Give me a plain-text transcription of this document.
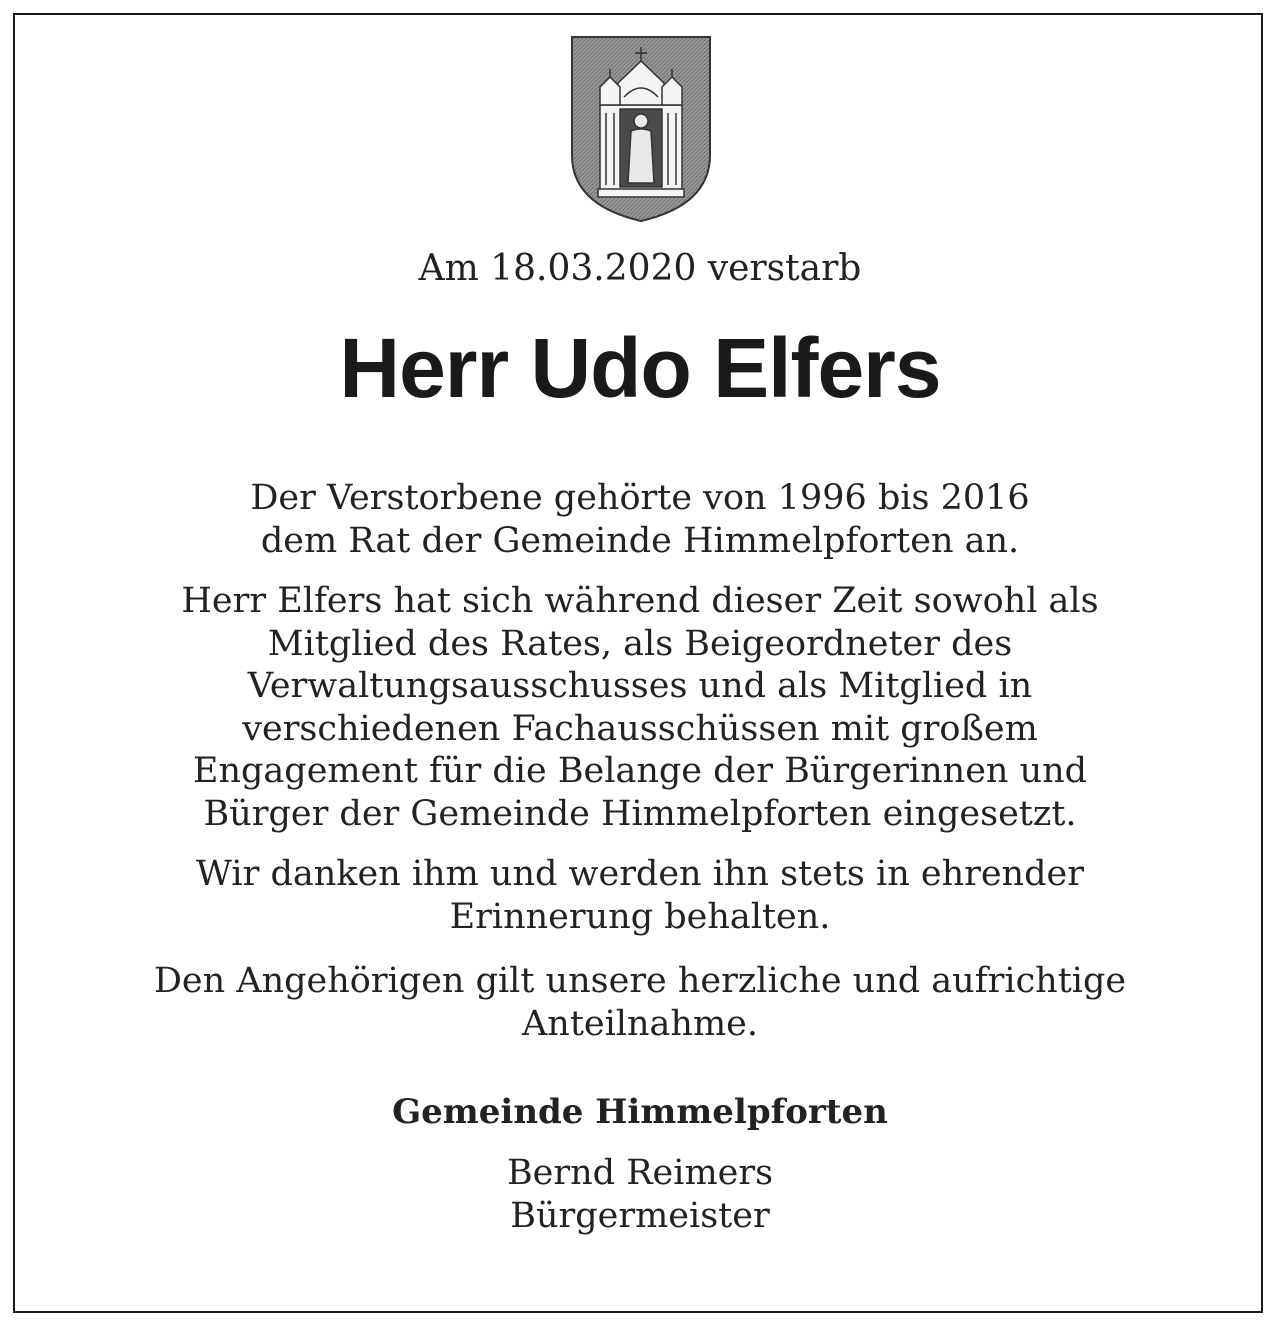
Am 18.03.2020 verstarb

Herr Udo Elfers
Der Verstorbene gehörte von 1996 bis 2016
dem Rat der Gemeinde Himmelpforten an.
Herr Elfers hat sich während dieser Zeit sowohl als
Mitglied des Rates, als Beigeordneter des
Verwaltungsausschusses und als Mitglied in
verschiedenen Fachausschüssen mit großem
Engagement für die Belange der Bürgerinnen und
Bürger der Gemeinde Himmelpforten eingesetzt.
Wir danken ihm und werden ihn stets in ehrender
Erinnerung behalten.
Den Angehörigen gilt unsere herzliche und aufrichtige
Anteilnahme.

Gemeinde Himmelpforten

Bernd Reimers
Bürgermeister
